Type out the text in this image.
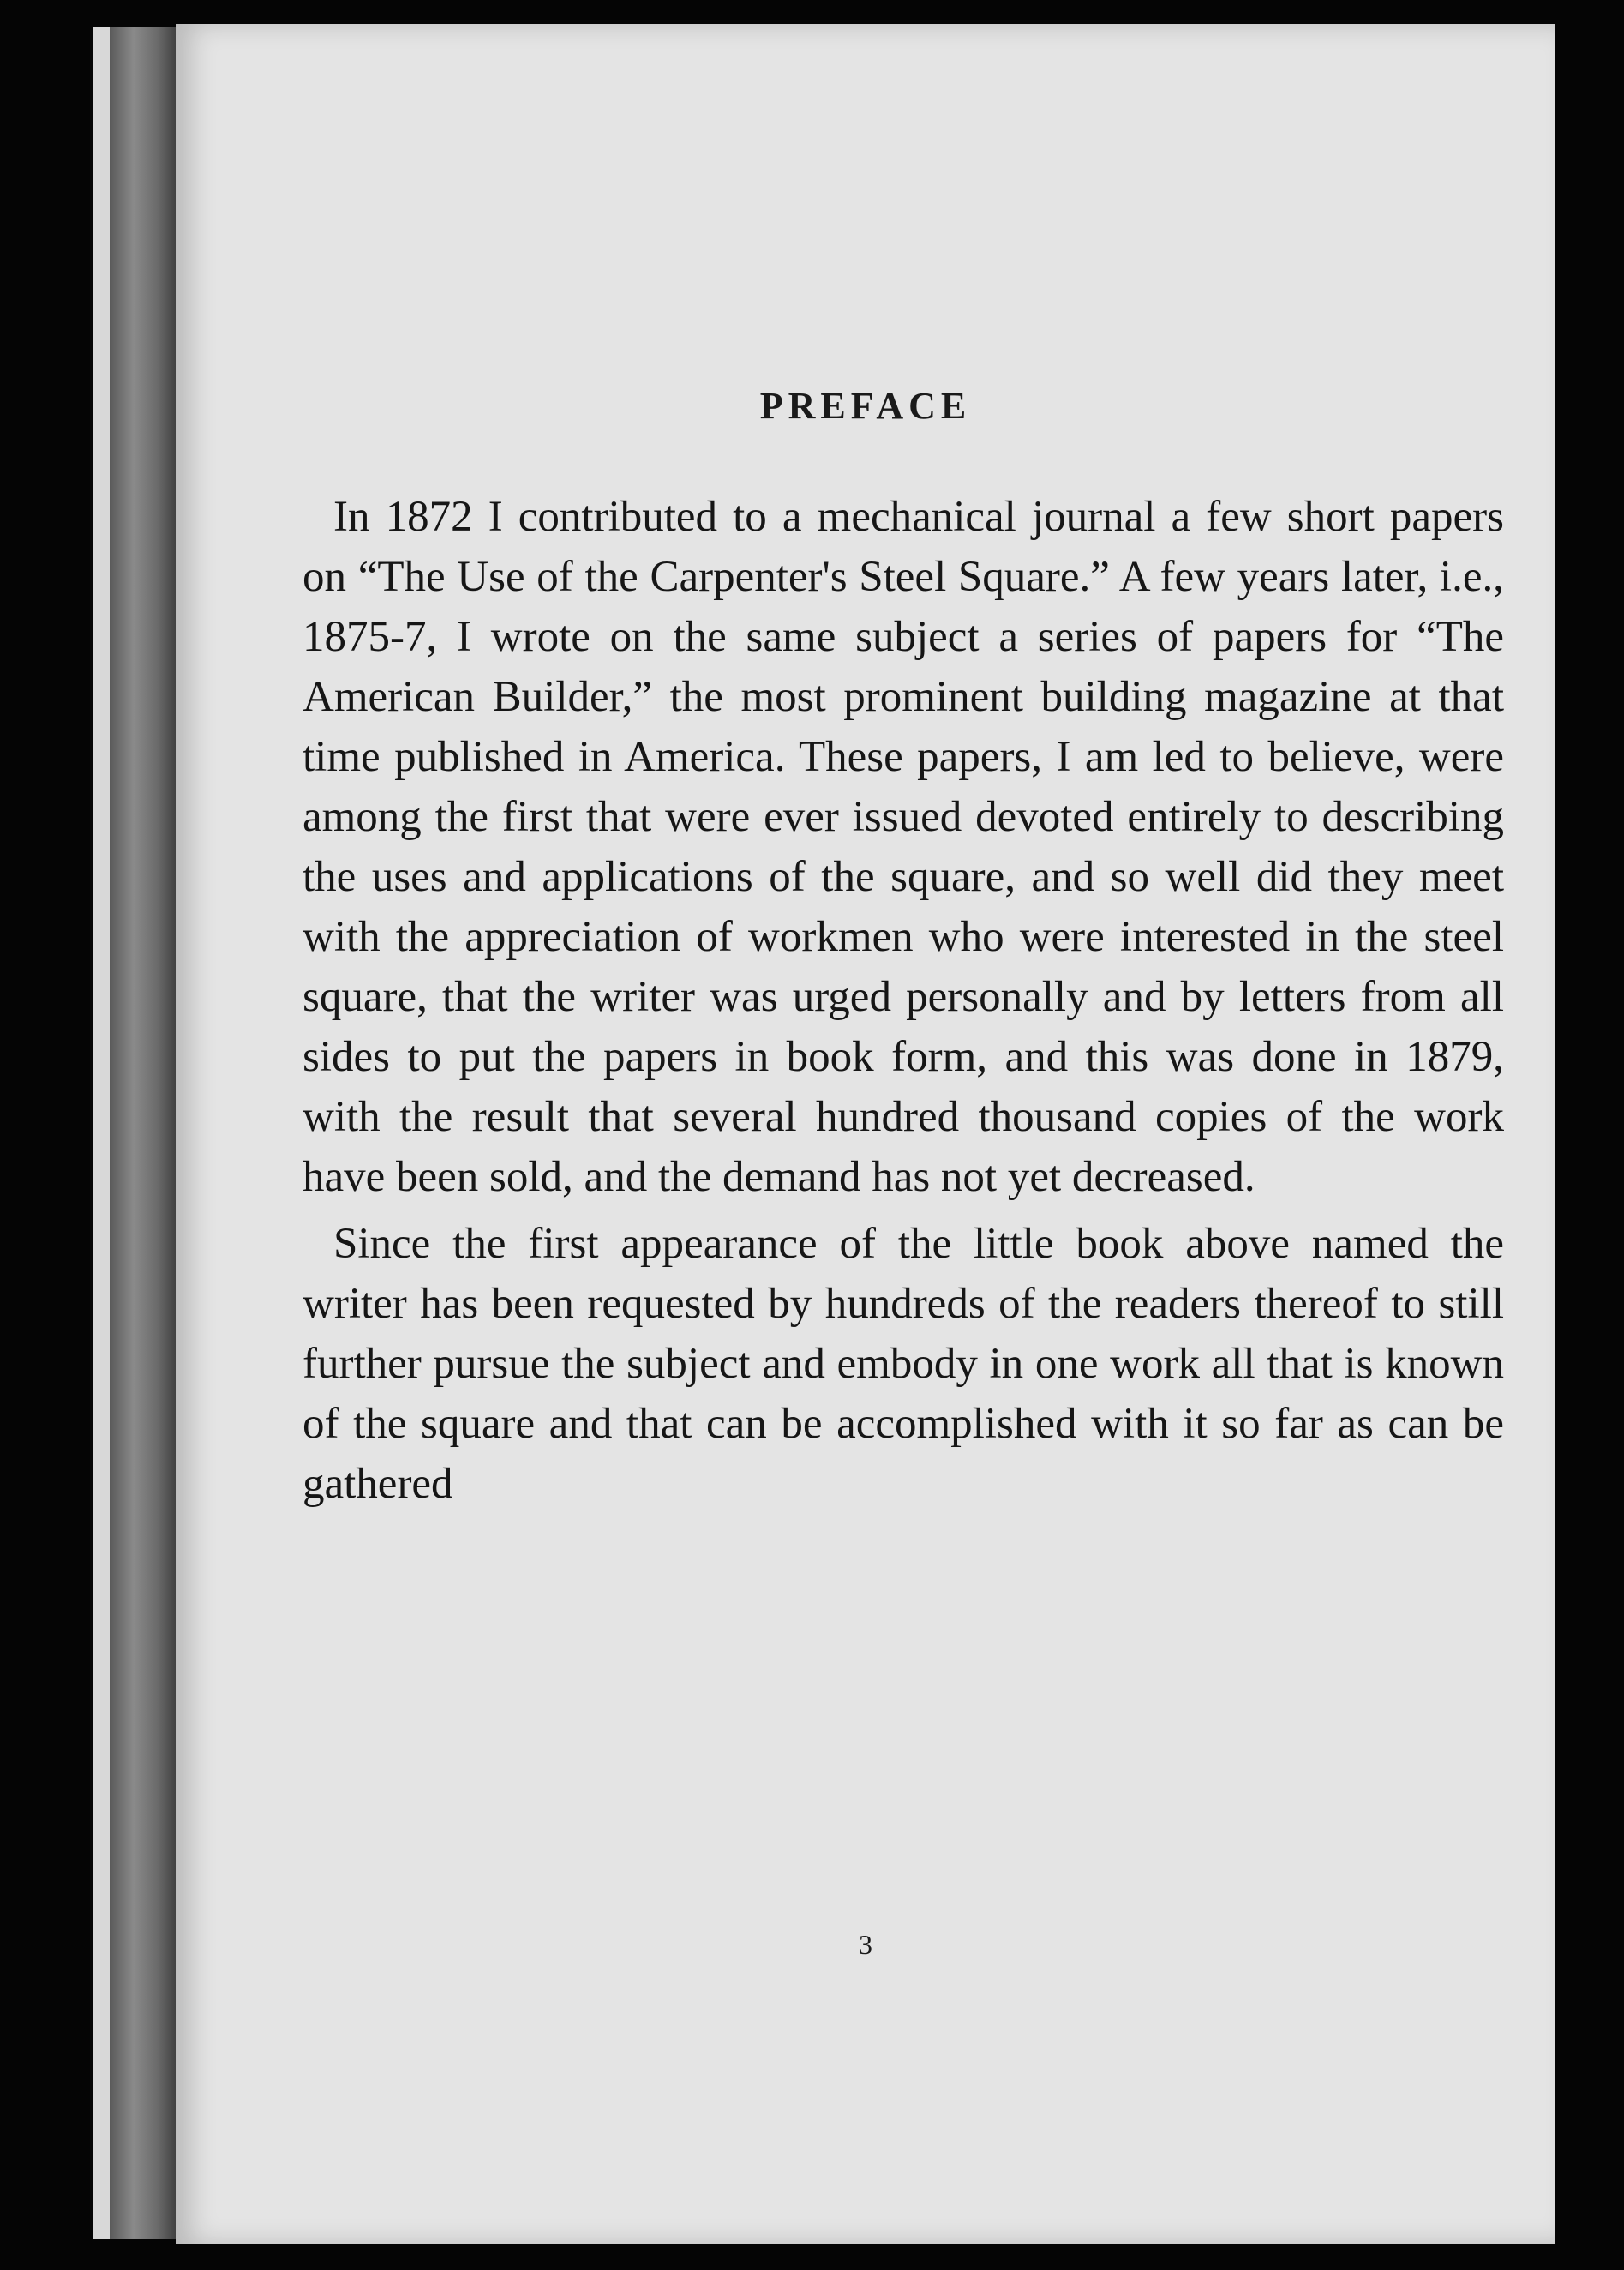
PREFACE

In 1872 I contributed to a mechanical journal a few short papers on “The Use of the Carpenter's Steel Square.” A few years later, i.e., 1875-7, I wrote on the same subject a series of papers for “The American Builder,” the most prominent building magazine at that time published in America. These papers, I am led to believe, were among the first that were ever issued devoted entirely to describing the uses and applications of the square, and so well did they meet with the appreciation of workmen who were interested in the steel square, that the writer was urged personally and by letters from all sides to put the papers in book form, and this was done in 1879, with the result that several hundred thousand copies of the work have been sold, and the demand has not yet decreased.

Since the first appearance of the little book above named the writer has been requested by hundreds of the readers thereof to still further pursue the subject and embody in one work all that is known of the square and that can be accomplished with it so far as can be gathered

3
